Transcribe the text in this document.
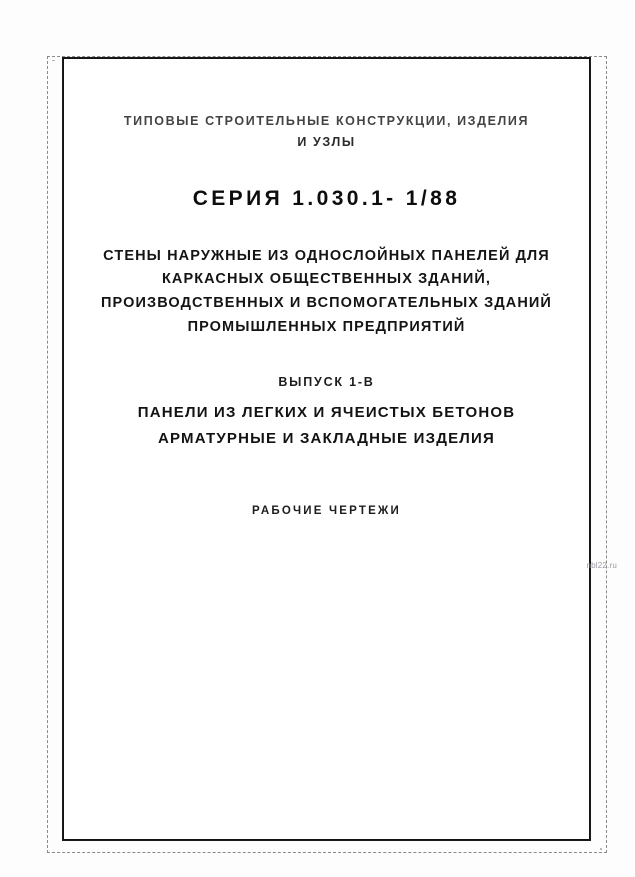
ТИПОВЫЕ СТРОИТЕЛЬНЫЕ КОНСТРУКЦИИ, ИЗДЕЛИЯ
И УЗЛЫ
СЕРИЯ 1.030.1- 1/88
СТЕНЫ НАРУЖНЫЕ ИЗ ОДНОСЛОЙНЫХ ПАНЕЛЕЙ ДЛЯ
КАРКАСНЫХ ОБЩЕСТВЕННЫХ ЗДАНИЙ,
ПРОИЗВОДСТВЕННЫХ И ВСПОМОГАТЕЛЬНЫХ ЗДАНИЙ
ПРОМЫШЛЕННЫХ ПРЕДПРИЯТИЙ
ВЫПУСК 1-В
ПАНЕЛИ ИЗ ЛЕГКИХ И ЯЧЕИСТЫХ БЕТОНОВ
АРМАТУРНЫЕ И ЗАКЛАДНЫЕ ИЗДЕЛИЯ
РАБОЧИЕ ЧЕРТЕЖИ
nbl22.ru
